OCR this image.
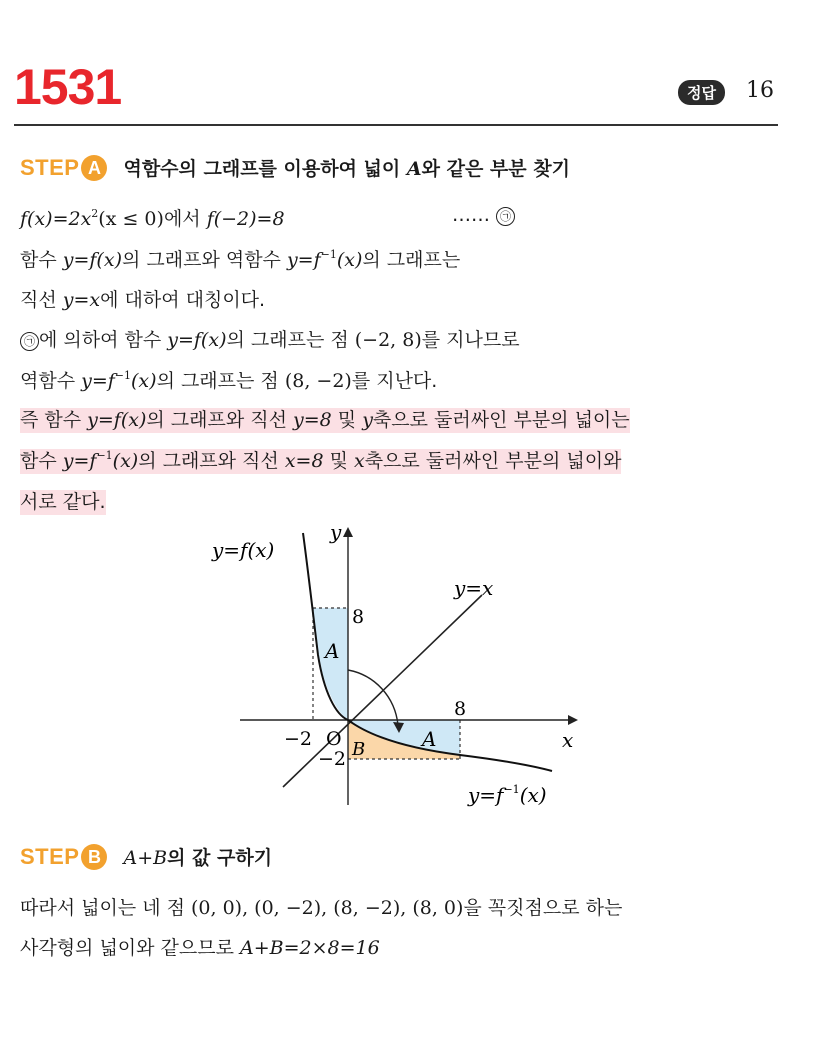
1531	정답	16
STEP A	역함수의 그래프를 이용하여 넓이 A와 같은 부분 찾기
$f(x)=2x^2(x \le 0)$에서 f(−2)=8	…… ㉠
함수 y=f(x)의 그래프와 역함수 $y=f^{-1}(x)$의 그래프는
직선 y=x에 대하여 대칭이다.
㉠ 에 의하여 함수 y=f(x)의 그래프는 점 (−2, 8)를 지나므로
역함수 $y=f^{-1}(x)$의 그래프는 점 (8, −2)를 지난다.
즉 함수 y=f(x)의 그래프와 직선 y=8 및 y축으로 둘러싸인 부분의 넓이는
함수 $y=f^{-1}(x)$의 그래프와 직선 x=8 및 x축으로 둘러싸인 부분의 넓이와
서로 같다.
y=f(x)
y=x
$y=f^{-1}(x)$
y
x
8
8
−2
−2
O
A
A
B
STEP B	A+B의 값 구하기
따라서 넓이는 네 점 (0, 0), (0, −2), (8, −2), (8, 0)을 꼭짓점으로 하는
사각형의 넓이와 같으므로 A+B=2×8=16
